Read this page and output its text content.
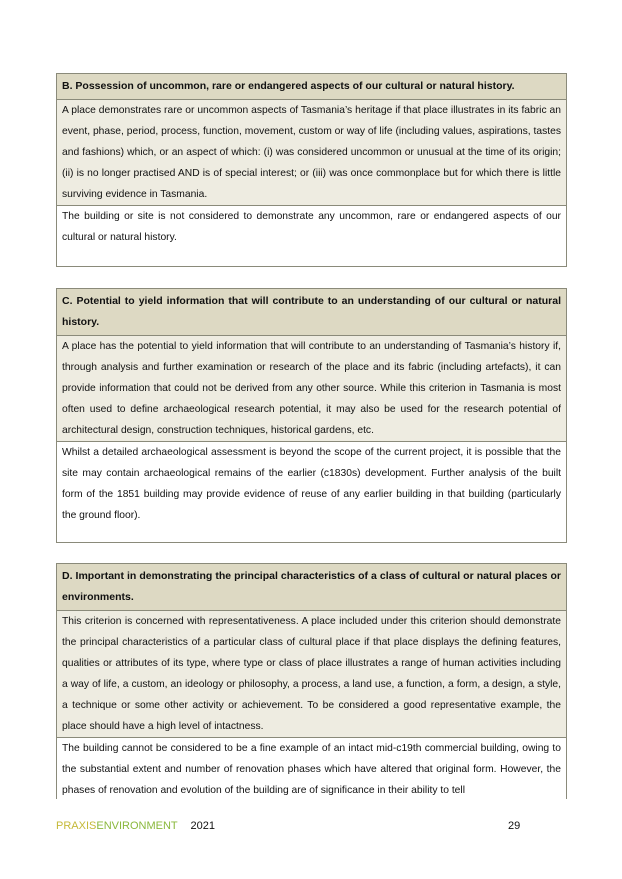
B. Possession of uncommon, rare or endangered aspects of our cultural or natural history.
A place demonstrates rare or uncommon aspects of Tasmania’s heritage if that place illustrates in its fabric an event, phase, period, process, function, movement, custom or way of life (including values, aspirations, tastes and fashions) which, or an aspect of which: (i) was considered uncommon or unusual at the time of its origin; (ii) is no longer practised AND is of special interest; or (iii) was once commonplace but for which there is little surviving evidence in Tasmania.
The building or site is not considered to demonstrate any uncommon, rare or endangered aspects of our cultural or natural history.
C. Potential to yield information that will contribute to an understanding of our cultural or natural history.
A place has the potential to yield information that will contribute to an understanding of Tasmania’s history if, through analysis and further examination or research of the place and its fabric (including artefacts), it can provide information that could not be derived from any other source. While this criterion in Tasmania is most often used to define archaeological research potential, it may also be used for the research potential of architectural design, construction techniques, historical gardens, etc.
Whilst a detailed archaeological assessment is beyond the scope of the current project, it is possible that the site may contain archaeological remains of the earlier (c1830s) development. Further analysis of the built form of the 1851 building may provide evidence of reuse of any earlier building in that building (particularly the ground floor).
D. Important in demonstrating the principal characteristics of a class of cultural or natural places or environments.
This criterion is concerned with representativeness. A place included under this criterion should demonstrate the principal characteristics of a particular class of cultural place if that place displays the defining features, qualities or attributes of its type, where type or class of place illustrates a range of human activities including a way of life, a custom, an ideology or philosophy, a process, a land use, a function, a form, a design, a style, a technique or some other activity or achievement. To be considered a good representative example, the place should have a high level of intactness.
The building cannot be considered to be a fine example of an intact mid-c19th commercial building, owing to the substantial extent and number of renovation phases which have altered that original form. However, the phases of renovation and evolution of the building are of significance in their ability to tell
PRAXISENVIRONMENT 2021	29
